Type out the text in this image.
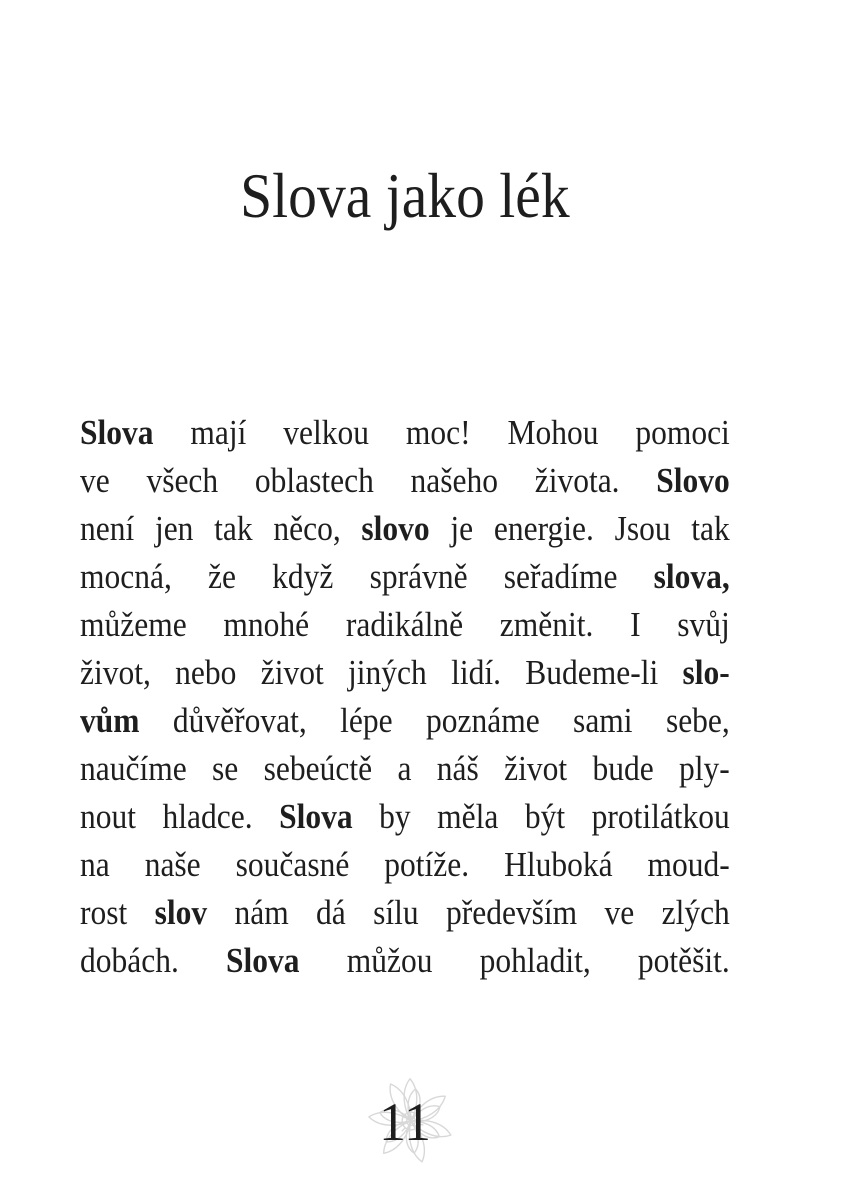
Slova jako lék
Slova mají velkou moc! Mohou pomoci
ve všech oblastech našeho života. Slovo
není jen tak něco, slovo je energie. Jsou tak
mocná, že když správně seřadíme slova,
můžeme mnohé radikálně změnit. I svůj
život, nebo život jiných lidí. Budeme-li slo-
vům důvěřovat, lépe poznáme sami sebe,
naučíme se sebeúctě a náš život bude ply-
nout hladce. Slova by měla být protilátkou
na naše současné potíže. Hluboká moud-
rost slov nám dá sílu především ve zlých
dobách. Slova můžou pohladit, potěšit.
11
